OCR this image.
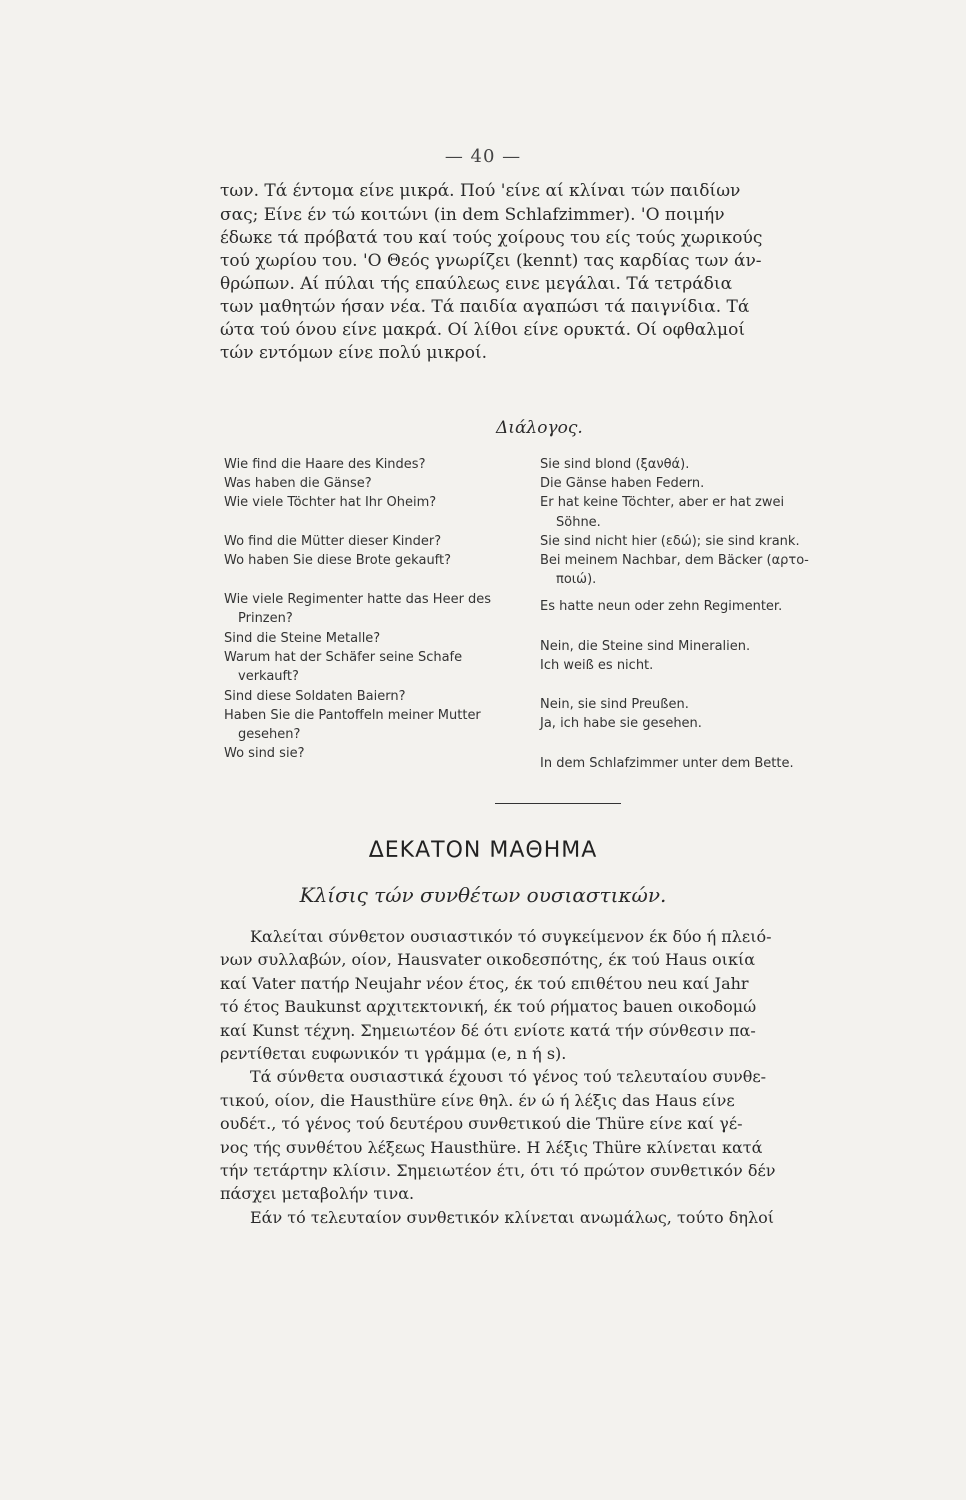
— 40 —
των. Τά έντομα είνε μικρά. Πού 'είνε αί κλίναι τών παιδίων
σας; Είνε έν τώ κοιτώνι (in dem Schlafzimmer). 'Ο ποιμήν
έδωκε τά πρόβατά του καί τούς χοίρους του είς τούς χωρικούς
τού χωρίου του. 'Ο Θεός γνωρίζει (kennt) τας καρδίας των άν-
θρώπων. Αί πύλαι τής επαύλεως εινε μεγάλαι. Τά τετράδια
των μαθητών ήσαν νέα. Τά παιδία αγαπώσι τά παιγνίδια. Τά
ώτα τού όνου είνε μακρά. Οί λίθοι είνε ορυκτά. Οί οφθαλμοί
τών εντόμων είνε πολύ μικροί.
Διάλογος.
Wie find die Haare des Kindes?
Was haben die Gänse?
Wie viele Töchter hat Ihr Oheim?
Wo find die Mütter dieser Kinder?
Wo haben Sie diese Brote gekauft?
Wie viele Regimenter hatte das Heer des
Prinzen?
Sind die Steine Metalle?
Warum hat der Schäfer seine Schafe
verkauft?
Sind diese Soldaten Baiern?
Haben Sie die Pantoffeln meiner Mutter
gesehen?
Wo sind sie?
Sie sind blond (ξανθά).
Die Gänse haben Federn.
Er hat keine Töchter, aber er hat zwei
Söhne.
Sie sind nicht hier (εδώ); sie sind krank.
Bei meinem Nachbar, dem Bäcker (αρτο-
ποιώ).
Es hatte neun oder zehn Regimenter.
Nein, die Steine sind Mineralien.
Ich weiß es nicht.
Nein, sie sind Preußen.
Ja, ich habe sie gesehen.
In dem Schlafzimmer unter dem Bette.
ΔΕΚΑΤΟΝ ΜΑΘΗΜΑ
Κλίσις τών συνθέτων ουσιαστικών.
Καλείται σύνθετον ουσιαστικόν τό συγκείμενον έκ δύο ή πλειό-
νων συλλαβών, οίον, Hausvater οικοδεσπότης, έκ τού Haus οικία
καί Vater πατήρ Neujahr νέον έτος, έκ τού επιθέτου neu καί Jahr
τό έτος Baukunst αρχιτεκτονική, έκ τού ρήματος bauen οικοδομώ
καί Kunst τέχνη. Σημειωτέον δέ ότι ενίοτε κατά τήν σύνθεσιν πα-
ρεντίθεται ευφωνικόν τι γράμμα (e, n ή s).
Τά σύνθετα ουσιαστικά έχουσι τό γένος τού τελευταίου συνθε-
τικού, οίον, die Hausthüre είνε θηλ. έν ώ ή λέξις das Haus είνε
ουδέτ., τό γένος τού δευτέρου συνθετικού die Thüre είνε καί γέ-
νος τής συνθέτου λέξεως Hausthüre. Η λέξις Thüre κλίνεται κατά
τήν τετάρτην κλίσιν. Σημειωτέον έτι, ότι τό πρώτον συνθετικόν δέν
πάσχει μεταβολήν τινα.
Εάν τό τελευταίον συνθετικόν κλίνεται ανωμάλως, τούτο δηλοί
